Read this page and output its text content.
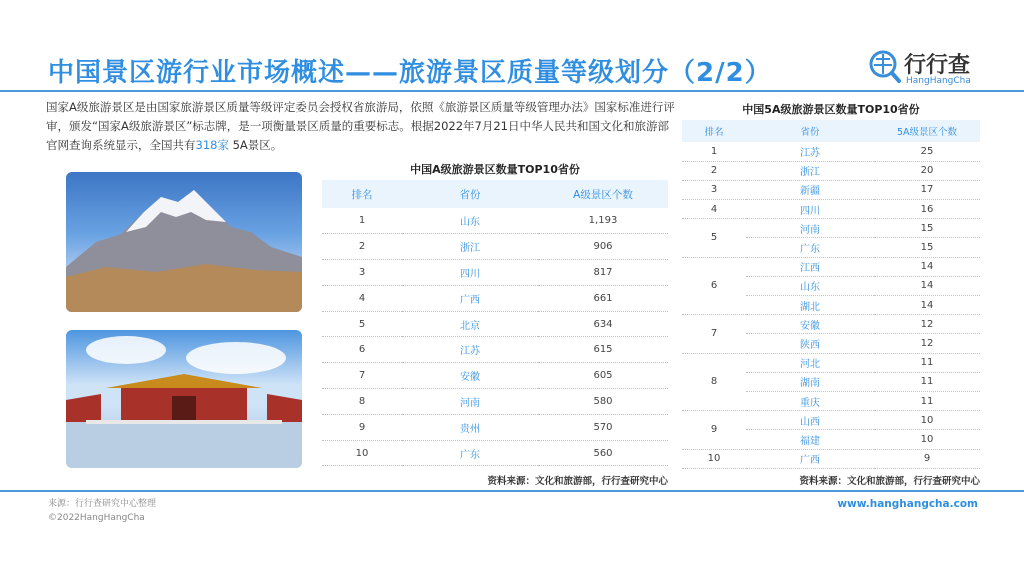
中国景区游行业市场概述——旅游景区质量等级划分（2/2）	行行查
HangHangCha
国家A级旅游景区是由国家旅游景区质量等级评定委员会授权省旅游局，依照《旅游景区质量等级管理办法》国家标准进行评审，颁发“国家A级旅游景区”标志牌，是一项衡量景区质量的重要标志。根据2022年7月21日中华人民共和国文化和旅游部官网查询系统显示，全国共有318家 5A景区。
中国A级旅游景区数量TOP10省份
排名	省份	A级景区个数
1	山东	1,193
2	浙江	906
3	四川	817
4	广西	661
5	北京	634
6	江苏	615
7	安徽	605
8	河南	580
9	贵州	570
10	广东	560
资料来源：文化和旅游部，行行查研究中心
中国5A级旅游景区数量TOP10省份
排名	省份	5A级景区个数
1	江苏	25
2	浙江	20
3	新疆	17
4	四川	16
5	河南	15
	广东	15
6	江西	14
	山东	14
	湖北	14
7	安徽	12
	陕西	12
8	河北	11
	湖南	11
	重庆	11
9	山西	10
	福建	10
10	广西	9
资料来源：文化和旅游部，行行查研究中心
来源：行行查研究中心整理
©2022HangHangCha
www.hanghangcha.com
